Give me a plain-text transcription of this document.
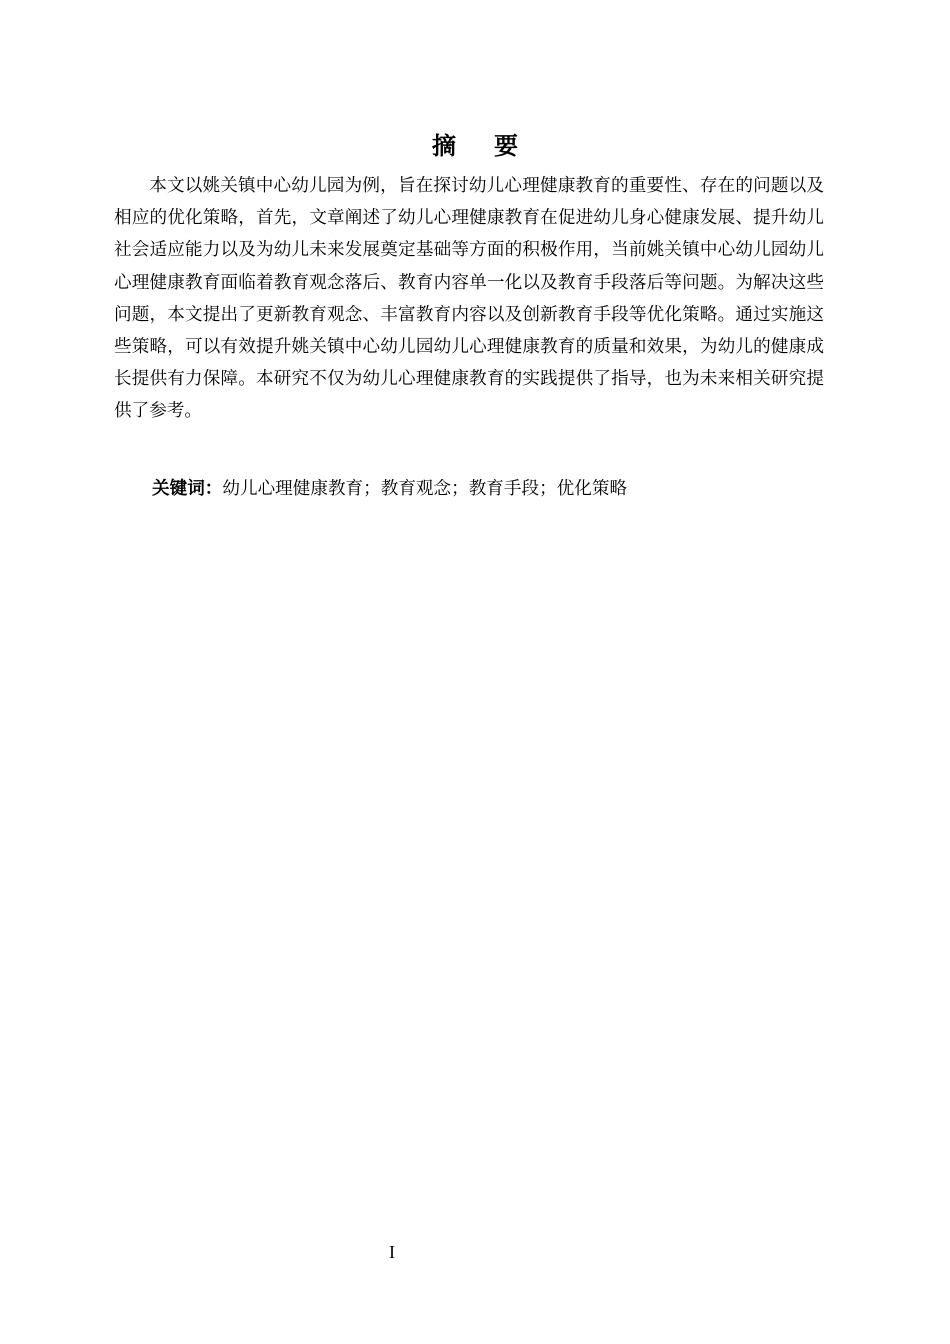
摘要

本文以姚关镇中心幼儿园为例，旨在探讨幼儿心理健康教育的重要性、存在的问题以及相应的优化策略，首先，文章阐述了幼儿心理健康教育在促进幼儿身心健康发展、提升幼儿社会适应能力以及为幼儿未来发展奠定基础等方面的积极作用，当前姚关镇中心幼儿园幼儿心理健康教育面临着教育观念落后、教育内容单一化以及教育手段落后等问题。为解决这些问题，本文提出了更新教育观念、丰富教育内容以及创新教育手段等优化策略。通过实施这些策略，可以有效提升姚关镇中心幼儿园幼儿心理健康教育的质量和效果，为幼儿的健康成长提供有力保障。本研究不仅为幼儿心理健康教育的实践提供了指导，也为未来相关研究提供了参考。

关键词：幼儿心理健康教育；教育观念；教育手段；优化策略

I
